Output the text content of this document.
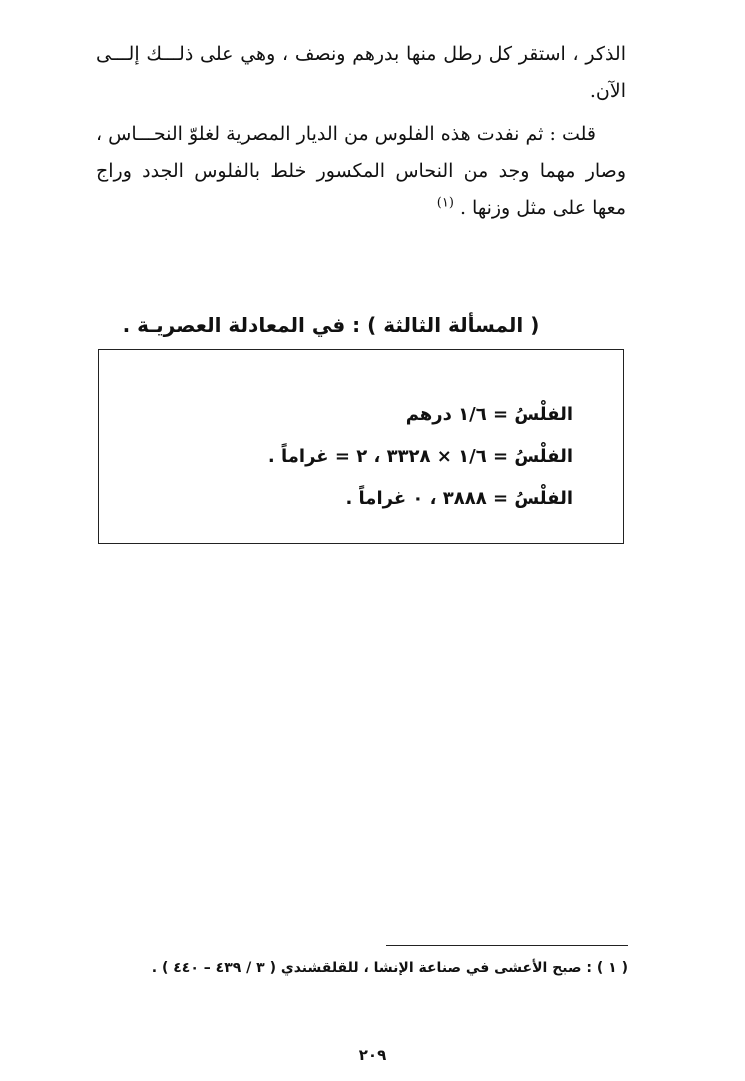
الذكر ، استقر كل رطل منها بدرهم ونصف ، وهي على ذلـــك إلـــى الآن.

قلت : ثم نفدت هذه الفلوس من الديار المصرية لغلوّ النحـــاس ، وصار مهما وجد من النحاس المكسور خلط بالفلوس الجدد وراج معها على مثل وزنها . $^{(١)}$

( المسألة الثالثة ) : في المعادلة العصريـة .
الفلْسُ = ١/٦ درهم
الفلْسُ = ١/٦ × ٣٣٢٨ ، ٢ = غراماً .
الفلْسُ = ٣٨٨٨ ، ٠ غراماً .
( ١ ) : صبح الأعشى في صناعة الإنشا ، للقلقشندي ( ٣ / ٤٣٩ – ٤٤٠ ) .
٢٠٩
